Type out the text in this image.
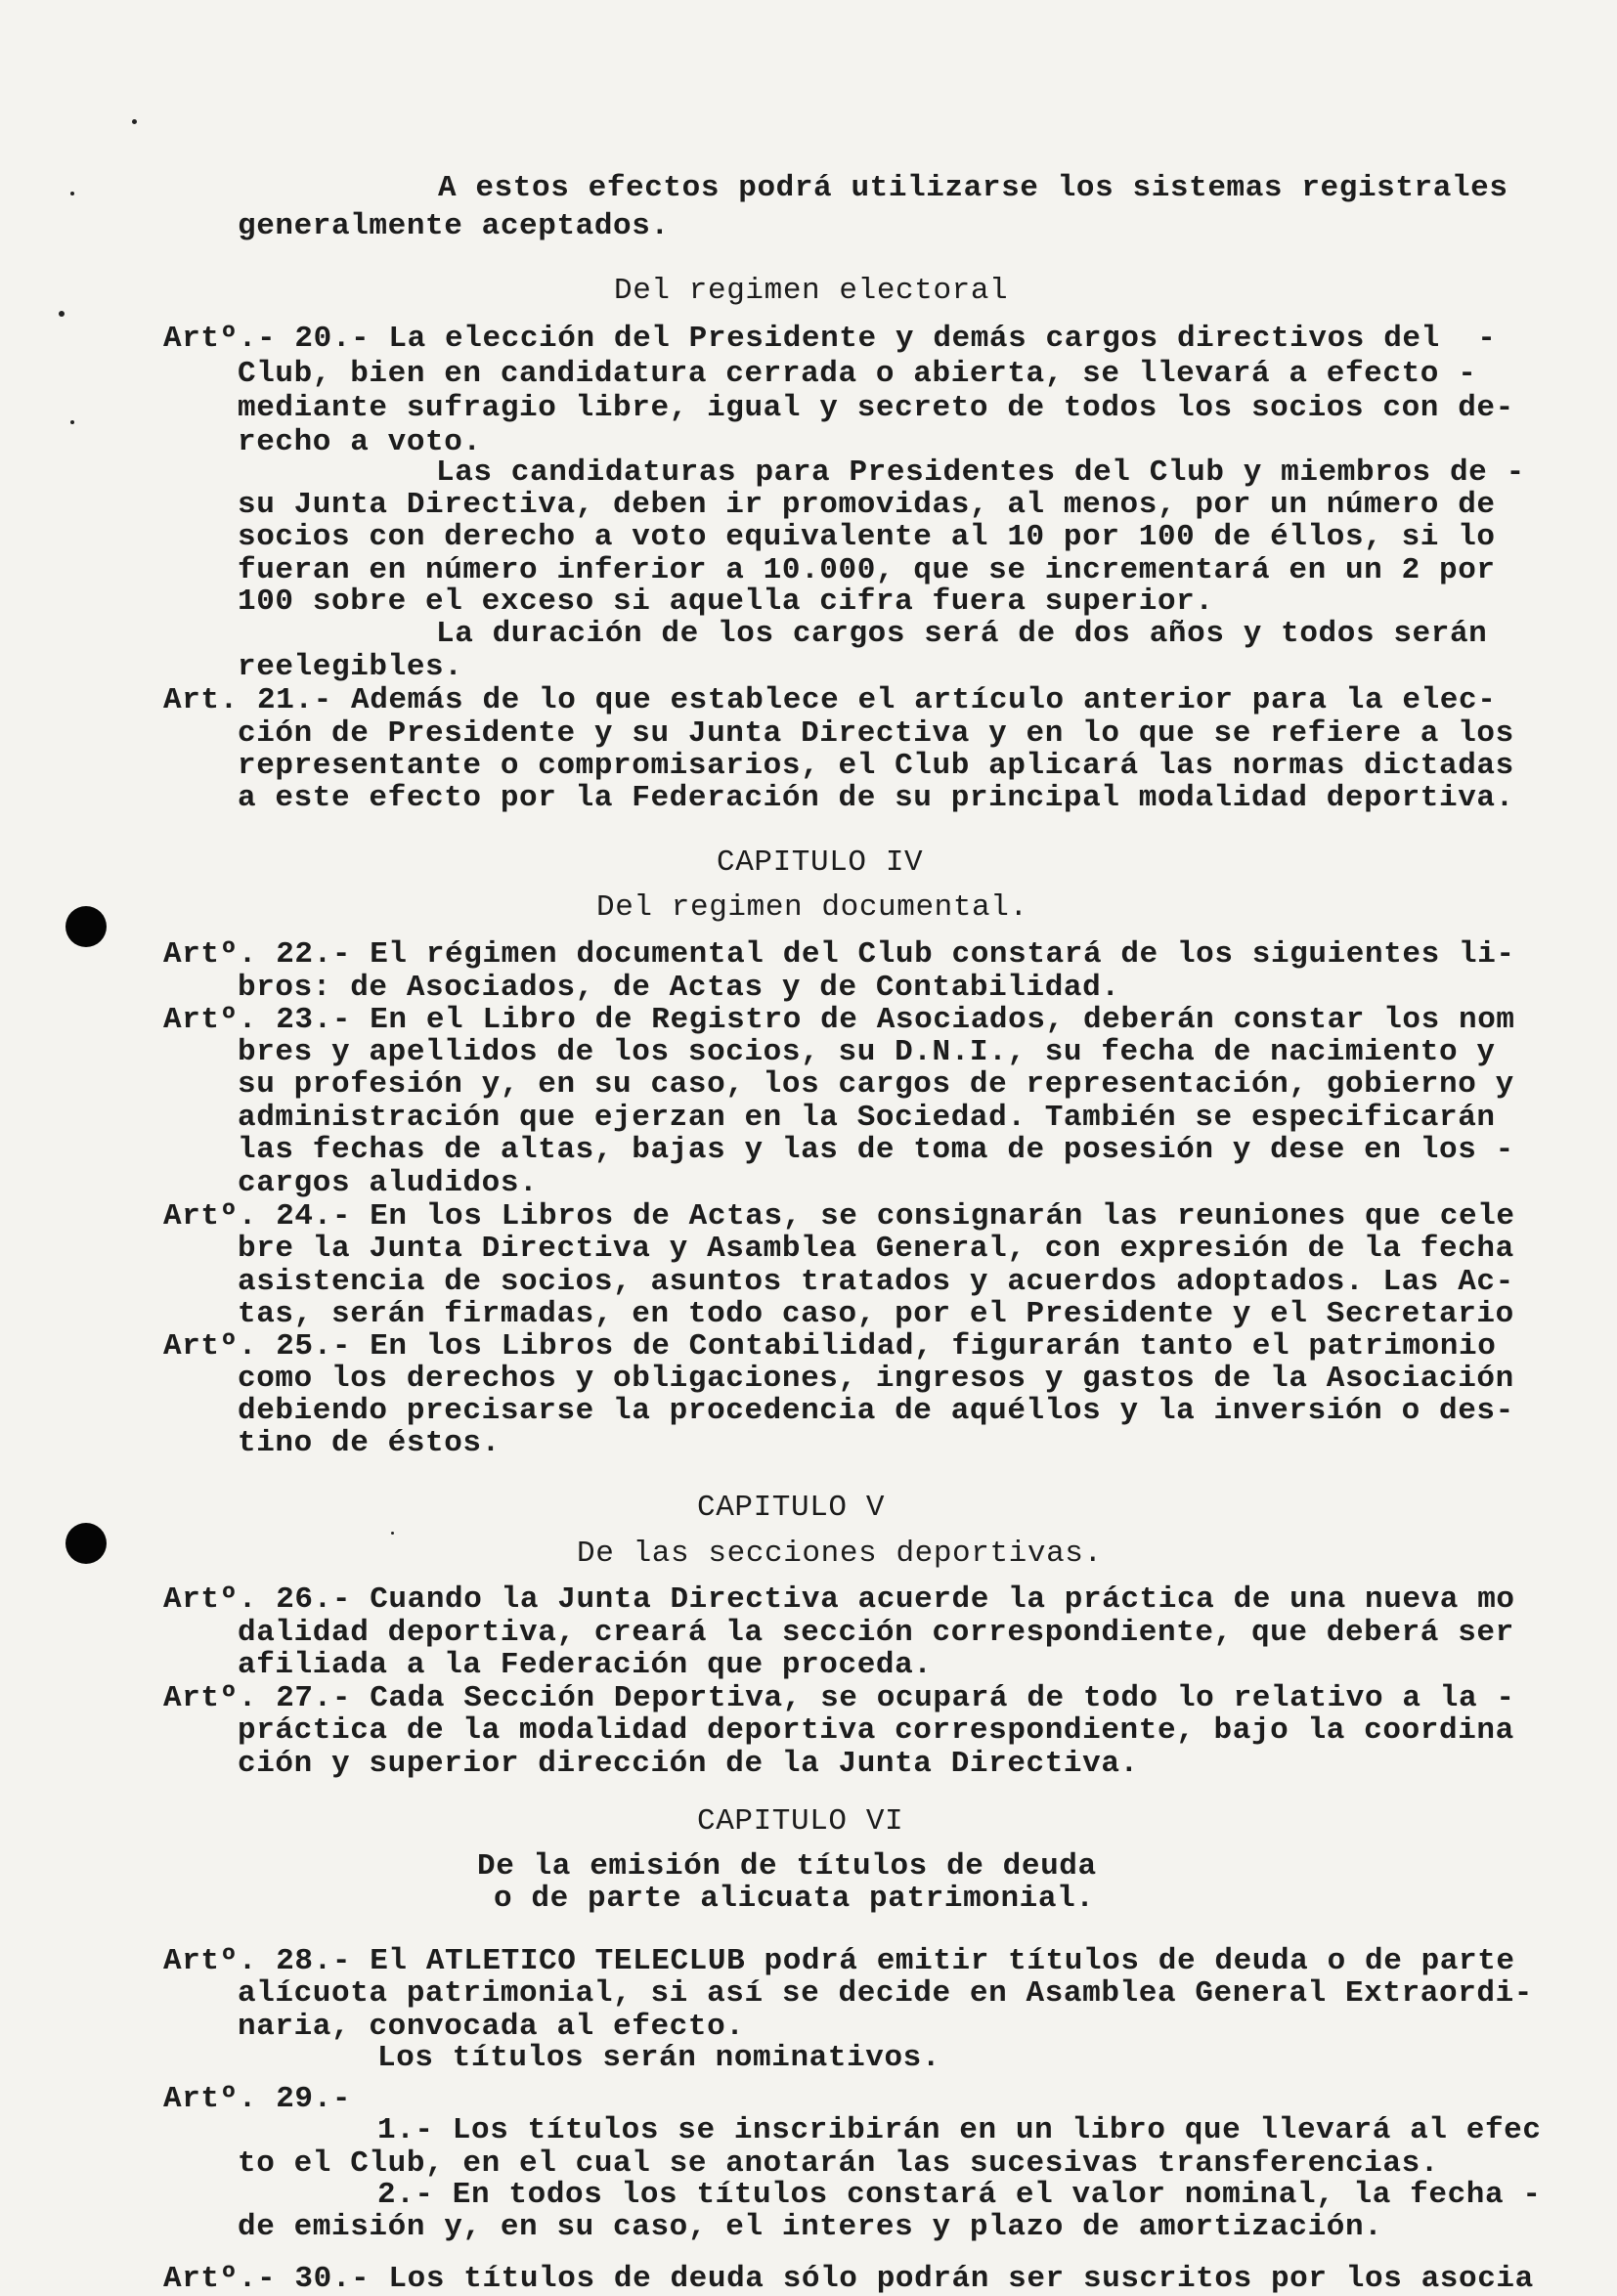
A estos efectos podrá utilizarse los sistemas registrales
generalmente aceptados.
Del regimen electoral
Artº.- 20.- La elección del Presidente y demás cargos directivos del  -
Club, bien en candidatura cerrada o abierta, se llevará a efecto -
mediante sufragio libre, igual y secreto de todos los socios con de-
recho a voto.
Las candidaturas para Presidentes del Club y miembros de -
su Junta Directiva, deben ir promovidas, al menos, por un número de
socios con derecho a voto equivalente al 10 por 100 de éllos, si lo
fueran en número inferior a 10.000, que se incrementará en un 2 por
100 sobre el exceso si aquella cifra fuera superior.
La duración de los cargos será de dos años y todos serán
reelegibles.
Art. 21.- Además de lo que establece el artículo anterior para la elec-
ción de Presidente y su Junta Directiva y en lo que se refiere a los
representante o compromisarios, el Club aplicará las normas dictadas
a este efecto por la Federación de su principal modalidad deportiva.
CAPITULO IV
Del regimen documental.
Artº. 22.- El régimen documental del Club constará de los siguientes li-
bros: de Asociados, de Actas y de Contabilidad.
Artº. 23.- En el Libro de Registro de Asociados, deberán constar los nom
bres y apellidos de los socios, su D.N.I., su fecha de nacimiento y
su profesión y, en su caso, los cargos de representación, gobierno y
administración que ejerzan en la Sociedad. También se especificarán
las fechas de altas, bajas y las de toma de posesión y dese en los -
cargos aludidos.
Artº. 24.- En los Libros de Actas, se consignarán las reuniones que cele
bre la Junta Directiva y Asamblea General, con expresión de la fecha
asistencia de socios, asuntos tratados y acuerdos adoptados. Las Ac-
tas, serán firmadas, en todo caso, por el Presidente y el Secretario
Artº. 25.- En los Libros de Contabilidad, figurarán tanto el patrimonio
como los derechos y obligaciones, ingresos y gastos de la Asociación
debiendo precisarse la procedencia de aquéllos y la inversión o des-
tino de éstos.
CAPITULO V
De las secciones deportivas.
Artº. 26.- Cuando la Junta Directiva acuerde la práctica de una nueva mo
dalidad deportiva, creará la sección correspondiente, que deberá ser
afiliada a la Federación que proceda.
Artº. 27.- Cada Sección Deportiva, se ocupará de todo lo relativo a la -
práctica de la modalidad deportiva correspondiente, bajo la coordina
ción y superior dirección de la Junta Directiva.
CAPITULO VI
De la emisión de títulos de deuda
o de parte alicuata patrimonial.
Artº. 28.- El ATLETICO TELECLUB podrá emitir títulos de deuda o de parte
alícuota patrimonial, si así se decide en Asamblea General Extraordi-
naria, convocada al efecto.
Los títulos serán nominativos.
Artº. 29.-
1.- Los títulos se inscribirán en un libro que llevará al efec
to el Club, en el cual se anotarán las sucesivas transferencias.
2.- En todos los títulos constará el valor nominal, la fecha -
de emisión y, en su caso, el interes y plazo de amortización.
Artº.- 30.- Los títulos de deuda sólo podrán ser suscritos por los asocia
